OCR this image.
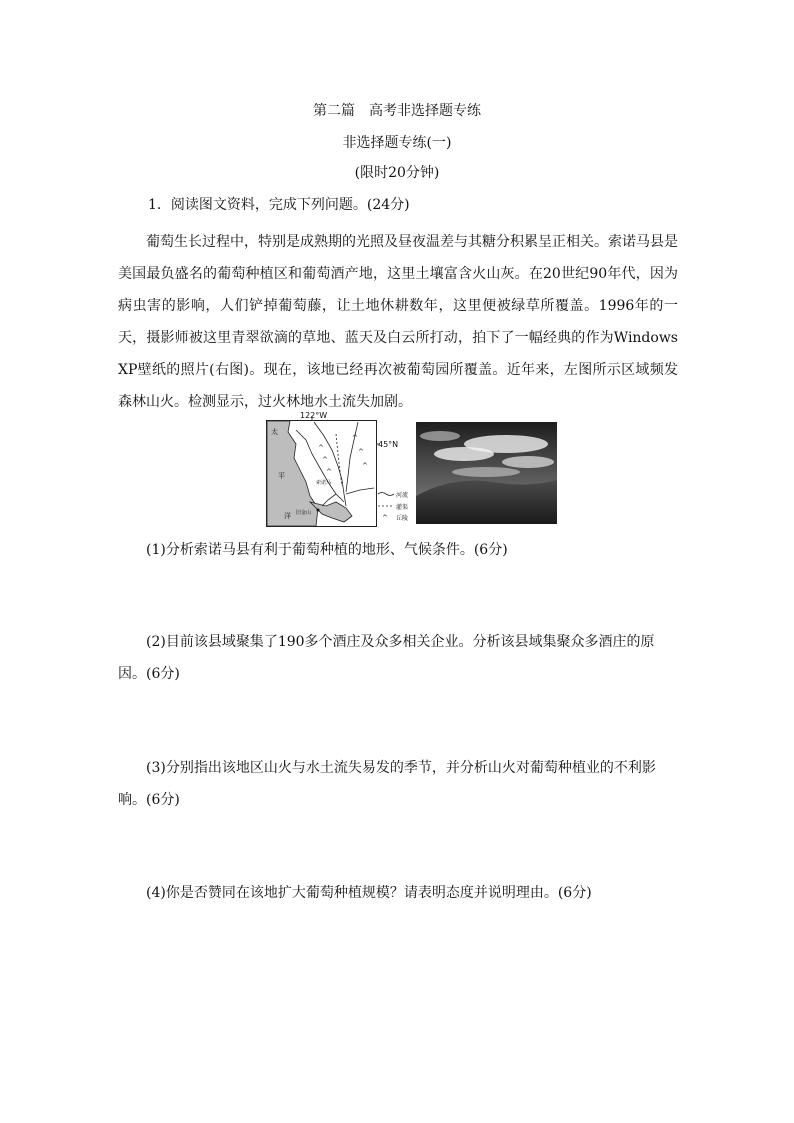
第二篇　高考非选择题专练
非选择题专练(一)
(限时20分钟)
1．阅读图文资料，完成下列问题。(24分)
葡萄生长过程中，特别是成熟期的光照及昼夜温差与其糖分积累呈正相关。索诺马县是美国最负盛名的葡萄种植区和葡萄酒产地，这里土壤富含火山灰。在20世纪90年代，因为病虫害的影响，人们铲掉葡萄藤，让土地休耕数年，这里便被绿草所覆盖。1996年的一天，摄影师被这里青翠欲滴的草地、蓝天及白云所打动，拍下了一幅经典的作为Windows XP壁纸的照片(右图)。现在，该地已经再次被葡萄园所覆盖。近年来，左图所示区域频发森林山火。检测显示，过火林地水土流失加剧。
^
^
^
^
^
^
122°W
45°N
太
平
洋
索诺马
旧金山
河流
灌渠
^ 丘陵
(1)分析索诺马县有利于葡萄种植的地形、气候条件。(6分)
(2)目前该县域聚集了190多个酒庄及众多相关企业。分析该县域集聚众多酒庄的原因。(6分)
(3)分别指出该地区山火与水土流失易发的季节，并分析山火对葡萄种植业的不利影响。(6分)
(4)你是否赞同在该地扩大葡萄种植规模？请表明态度并说明理由。(6分)
